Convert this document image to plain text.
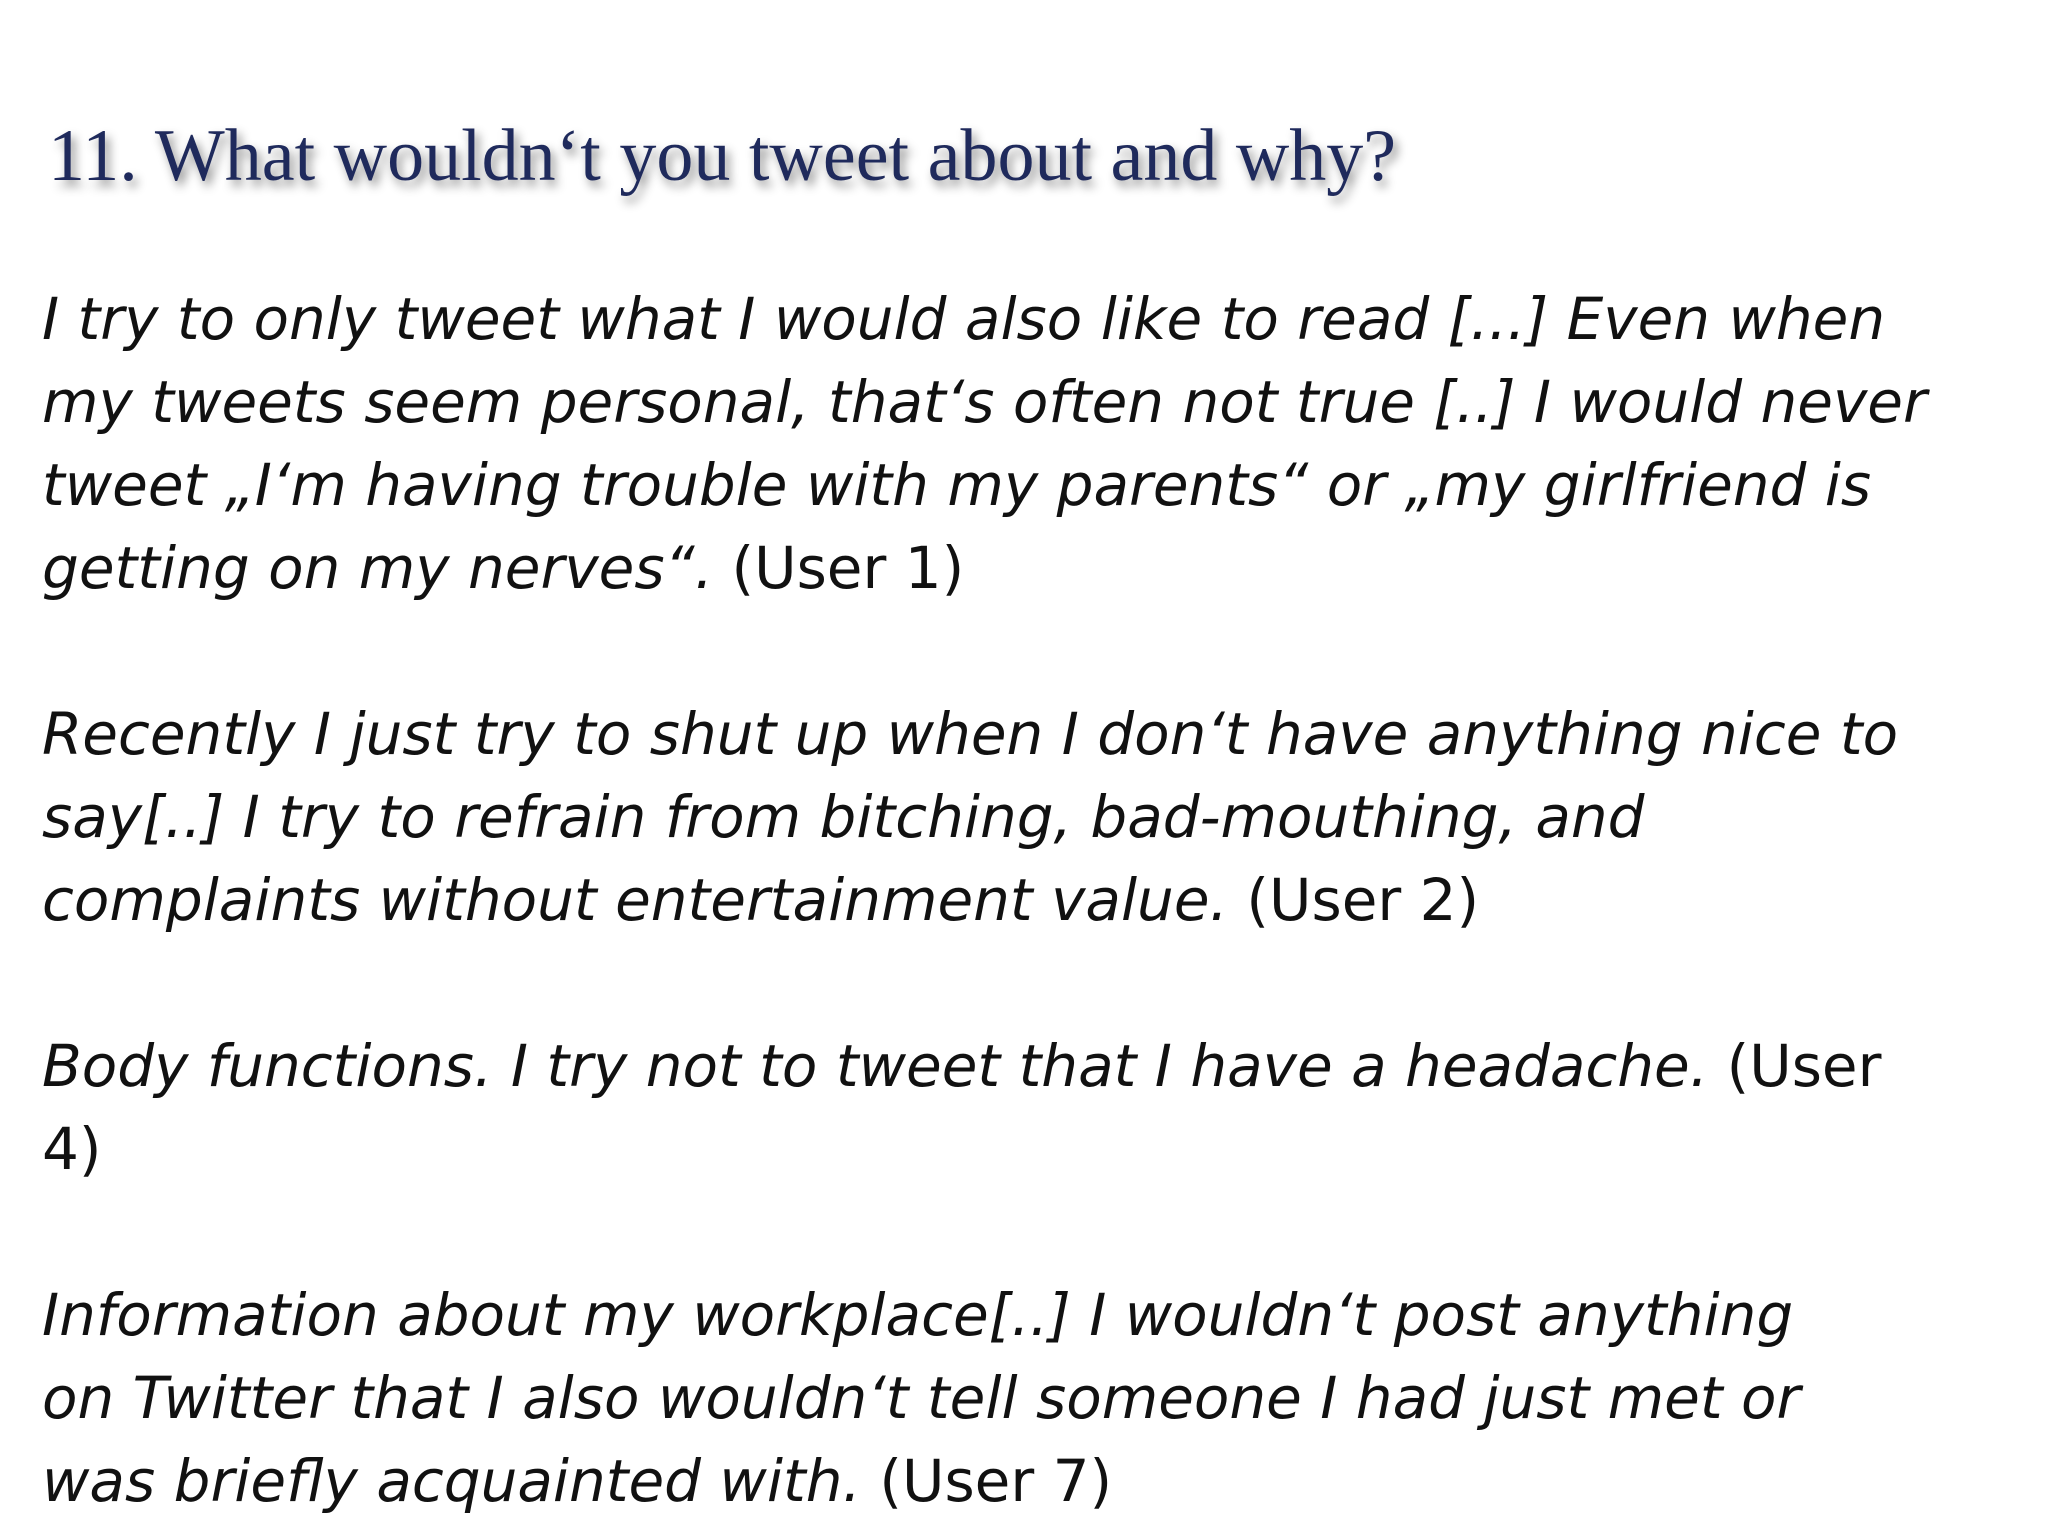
11. What wouldn‘t you tweet about and why?

I try to only tweet what I would also like to read [...] Even when my tweets seem personal, that‘s often not true [..] I would never tweet „I‘m having trouble with my parents“ or „my girlfriend is getting on my nerves“. (User 1)

Recently I just try to shut up when I don‘t have anything nice to say[..] I try to refrain from bitching, bad-mouthing, and complaints without entertainment value. (User 2)

Body functions. I try not to tweet that I have a headache. (User 4)

Information about my workplace[..] I wouldn‘t post anything on Twitter that I also wouldn‘t tell someone I had just met or was briefly acquainted with. (User 7)
